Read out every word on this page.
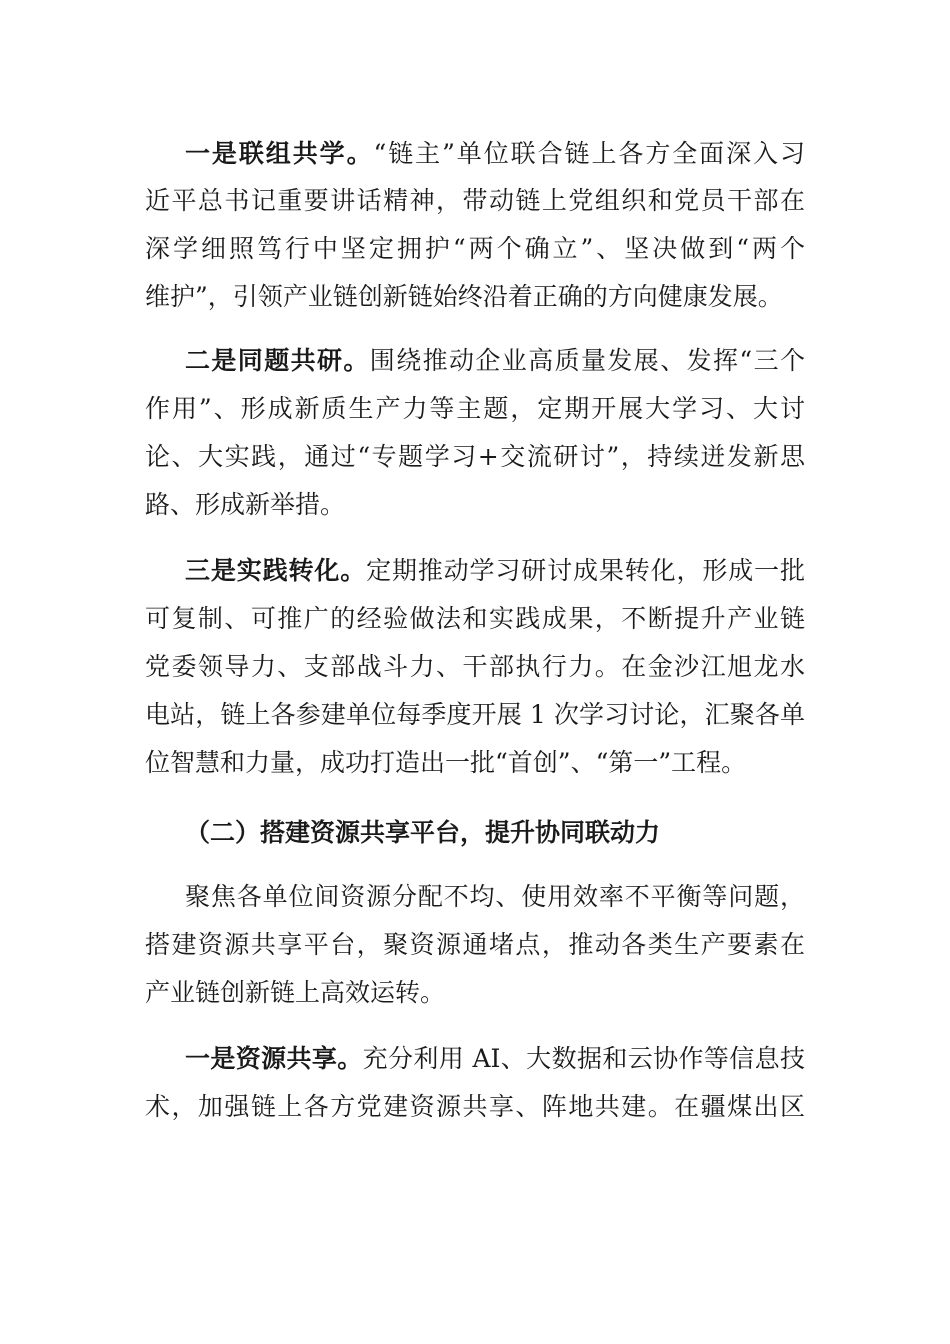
一是联组共学。“链主”单位联合链上各方全面深入习
近平总书记重要讲话精神，带动链上党组织和党员干部在
深学细照笃行中坚定拥护“两个确立”、坚决做到“两个
维护”，引领产业链创新链始终沿着正确的方向健康发展。
二是同题共研。围绕推动企业高质量发展、发挥“三个
作用”、形成新质生产力等主题，定期开展大学习、大讨
论、大实践，通过“专题学习+交流研讨”，持续迸发新思
路、形成新举措。
三是实践转化。定期推动学习研讨成果转化，形成一批
可复制、可推广的经验做法和实践成果，不断提升产业链
党委领导力、支部战斗力、干部执行力。在金沙江旭龙水
电站，链上各参建单位每季度开展 1 次学习讨论，汇聚各单
位智慧和力量，成功打造出一批“首创”、“第一”工程。
（二）搭建资源共享平台，提升协同联动力
聚焦各单位间资源分配不均、使用效率不平衡等问题，
搭建资源共享平台，聚资源通堵点，推动各类生产要素在
产业链创新链上高效运转。
一是资源共享。充分利用 AI、大数据和云协作等信息技
术，加强链上各方党建资源共享、阵地共建。在疆煤出区
